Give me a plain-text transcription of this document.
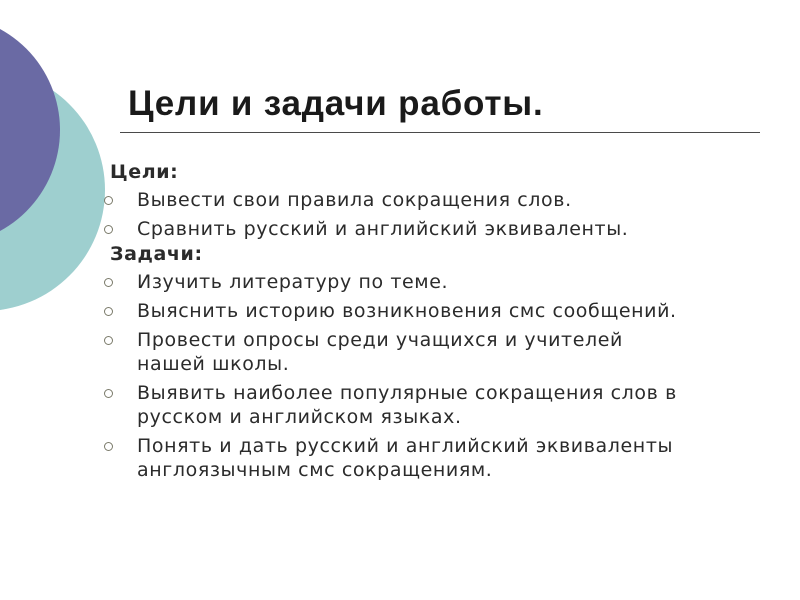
Цели и задачи работы.
Цели:
Вывести свои правила сокращения слов.
Сравнить русский и английский эквиваленты.
Задачи:
Изучить литературу по теме.
Выяснить историю возникновения смс сообщений.
Провести опросы среди учащихся и учителей
нашей школы.
Выявить наиболее популярные сокращения слов в
русском и английском языках.
Понять и дать русский и английский эквиваленты
англоязычным смс сокращениям.
